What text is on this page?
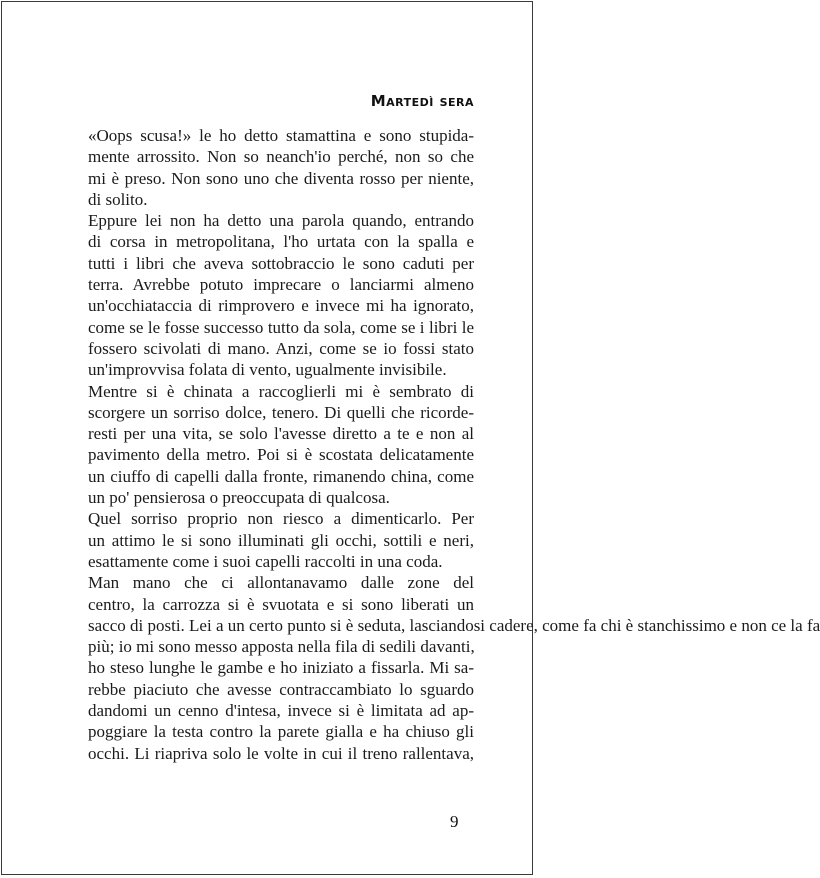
Martedì sera

«Oops scusa!» le ho detto stamattina e sono stupida-
mente arrossito. Non so neanch'io perché, non so che
mi è preso. Non sono uno che diventa rosso per niente,
di solito.

Eppure lei non ha detto una parola quando, entrando
di corsa in metropolitana, l'ho urtata con la spalla e
tutti i libri che aveva sottobraccio le sono caduti per
terra. Avrebbe potuto imprecare o lanciarmi almeno
un'occhiataccia di rimprovero e invece mi ha ignorato,
come se le fosse successo tutto da sola, come se i libri le
fossero scivolati di mano. Anzi, come se io fossi stato
un'improvvisa folata di vento, ugualmente invisibile.

Mentre si è chinata a raccoglierli mi è sembrato di
scorgere un sorriso dolce, tenero. Di quelli che ricorde-
resti per una vita, se solo l'avesse diretto a te e non al
pavimento della metro. Poi si è scostata delicatamente
un ciuffo di capelli dalla fronte, rimanendo china, come
un po' pensierosa o preoccupata di qualcosa.

Quel sorriso proprio non riesco a dimenticarlo. Per
un attimo le si sono illuminati gli occhi, sottili e neri,
esattamente come i suoi capelli raccolti in una coda.

Man mano che ci allontanavamo dalle zone del
centro, la carrozza si è svuotata e si sono liberati un
sacco di posti. Lei a un certo punto si è seduta, lasciandosi cadere, come fa chi è stanchissimo e non ce la fa
più; io mi sono messo apposta nella fila di sedili davanti,
ho steso lunghe le gambe e ho iniziato a fissarla. Mi sa-
rebbe piaciuto che avesse contraccambiato lo sguardo
dandomi un cenno d'intesa, invece si è limitata ad ap-
poggiare la testa contro la parete gialla e ha chiuso gli
occhi. Li riapriva solo le volte in cui il treno rallentava,

9
